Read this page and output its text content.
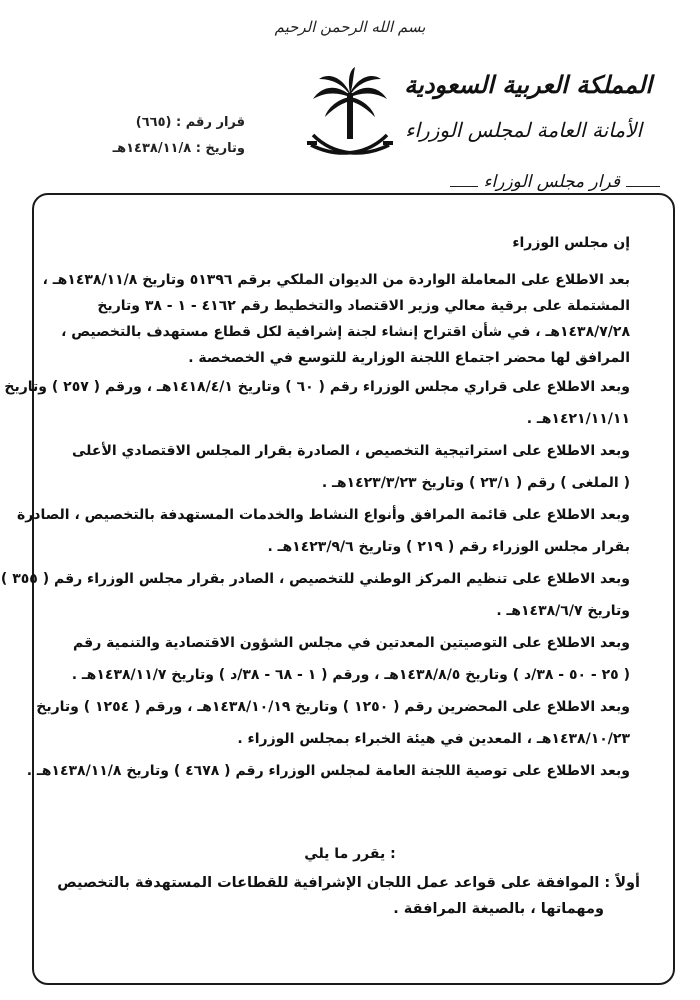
بسم الله الرحمن الرحيم
المملكة العربية السعودية
الأمانة العامة لمجلس الوزراء
قرار مجلس الوزراء
قرار رقم : (٦٦٥)
وتاريخ : ١٤٣٨/١١/٨هـ

إن مجلس الوزراء

بعد الاطلاع على المعاملة الواردة من الديوان الملكي برقم ٥١٣٩٦ وتاريخ ١٤٣٨/١١/٨هـ ،

المشتملة على برقية معالي وزير الاقتصاد والتخطيط رقم ٤١٦٢ - ١ - ٣٨ وتاريخ

١٤٣٨/٧/٢٨هـ ، في شأن اقتراح إنشاء لجنة إشرافية لكل قطاع مستهدف بالتخصيص ،

المرافق لها محضر اجتماع اللجنة الوزارية للتوسع في الخصخصة .

وبعد الاطلاع على قراري مجلس الوزراء رقم ( ٦٠ ) وتاريخ ١٤١٨/٤/١هـ ، ورقم ( ٢٥٧ ) وتاريخ

١٤٢١/١١/١١هـ .

وبعد الاطلاع على استراتيجية التخصيص ، الصادرة بقرار المجلس الاقتصادي الأعلى

( الملغى ) رقم ( ٢٣/١ ) وتاريخ ١٤٢٣/٣/٢٣هـ .

وبعد الاطلاع على قائمة المرافق وأنواع النشاط والخدمات المستهدفة بالتخصيص ، الصادرة

بقرار مجلس الوزراء رقم ( ٢١٩ ) وتاريخ ١٤٢٣/٩/٦هـ .

وبعد الاطلاع على تنظيم المركز الوطني للتخصيص ، الصادر بقرار مجلس الوزراء رقم ( ٣٥٥ )

وتاريخ ١٤٣٨/٦/٧هـ .

وبعد الاطلاع على التوصيتين المعدتين في مجلس الشؤون الاقتصادية والتنمية رقم

( ٢٥ - ٥٠ - ٣٨/د ) وتاريخ ١٤٣٨/٨/٥هـ ، ورقم ( ١ - ٦٨ - ٣٨/د ) وتاريخ ١٤٣٨/١١/٧هـ .

وبعد الاطلاع على المحضرين رقم ( ١٢٥٠ ) وتاريخ ١٤٣٨/١٠/١٩هـ ، ورقم ( ١٢٥٤ ) وتاريخ

١٤٣٨/١٠/٢٣هـ ، المعدين في هيئة الخبراء بمجلس الوزراء .

وبعد الاطلاع على توصية اللجنة العامة لمجلس الوزراء رقم ( ٤٦٧٨ ) وتاريخ ١٤٣٨/١١/٨هـ .

يقرر ما يلي :

أولاً : الموافقة على قواعد عمل اللجان الإشرافية للقطاعات المستهدفة بالتخصيص

ومهماتها ، بالصيغة المرافقة .
